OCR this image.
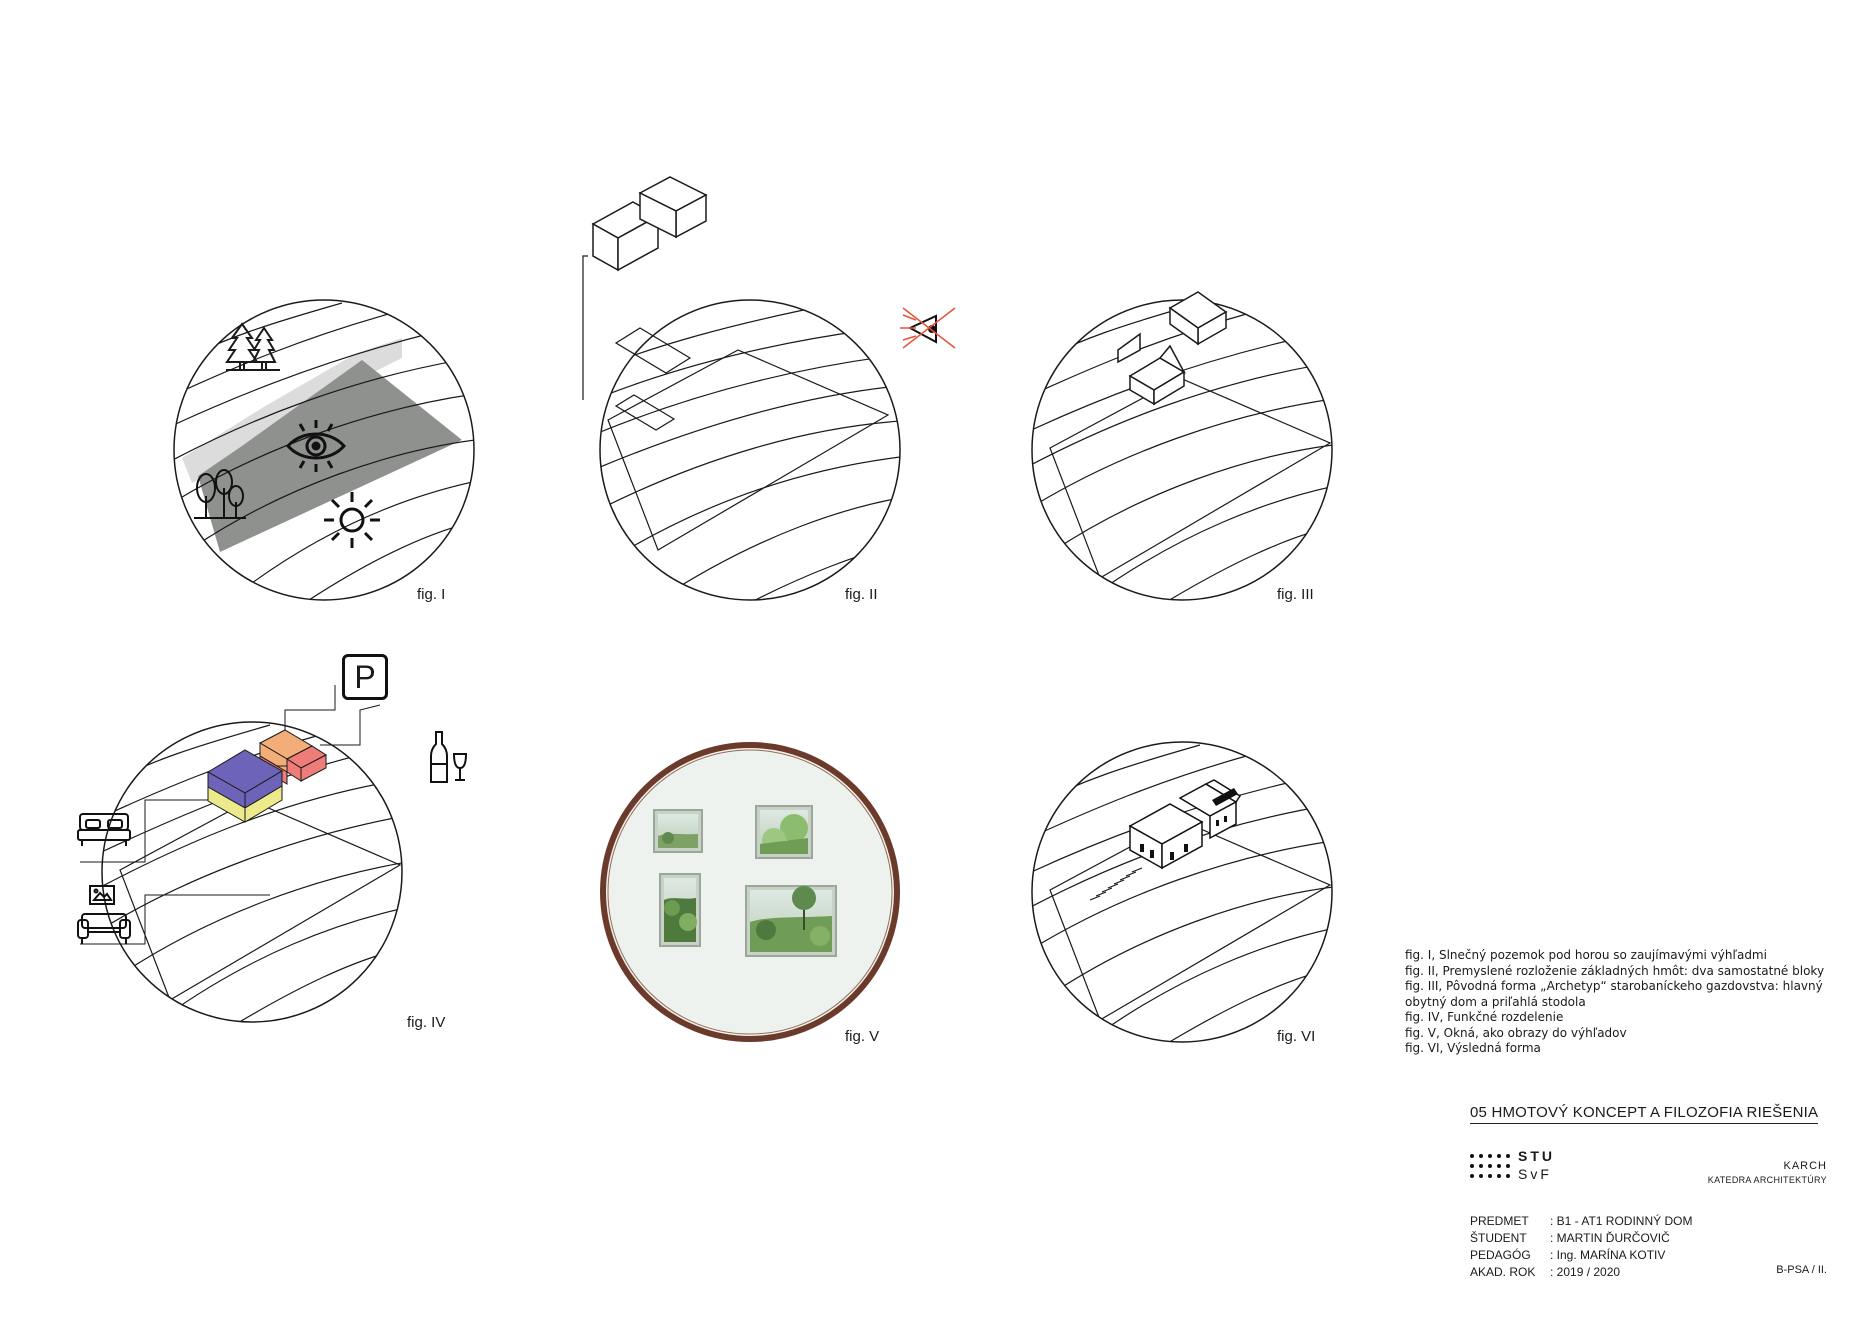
fig. I	fig. II	fig. III
P
fig. IV
fig. V	fig. VI
fig. I, Slnečný pozemok pod horou so zaujímavými výhľadmi
fig. II, Premyslené rozloženie základných hmôt: dva samostatné bloky
fig. III, Pôvodná forma „Archetyp“ starobaníckeho gazdovstva: hlavný obytný dom a priľahlá stodola
fig. IV, Funkčné rozdelenie
fig. V, Okná, ako obrazy do výhľadov
fig. VI, Výsledná forma
05 HMOTOVÝ KONCEPT A FILOZOFIA RIEŠENIA
STU
SvF	KARCH
KATEDRA ARCHITEKTÚRY
PREDMET	: B1 - AT1 RODINNÝ DOM
ŠTUDENT	: MARTIN ĎURČOVIČ
PEDAGÓG	: Ing. MARÍNA KOTIV
AKAD. ROK	: 2019 / 2020	B-PSA / II.
